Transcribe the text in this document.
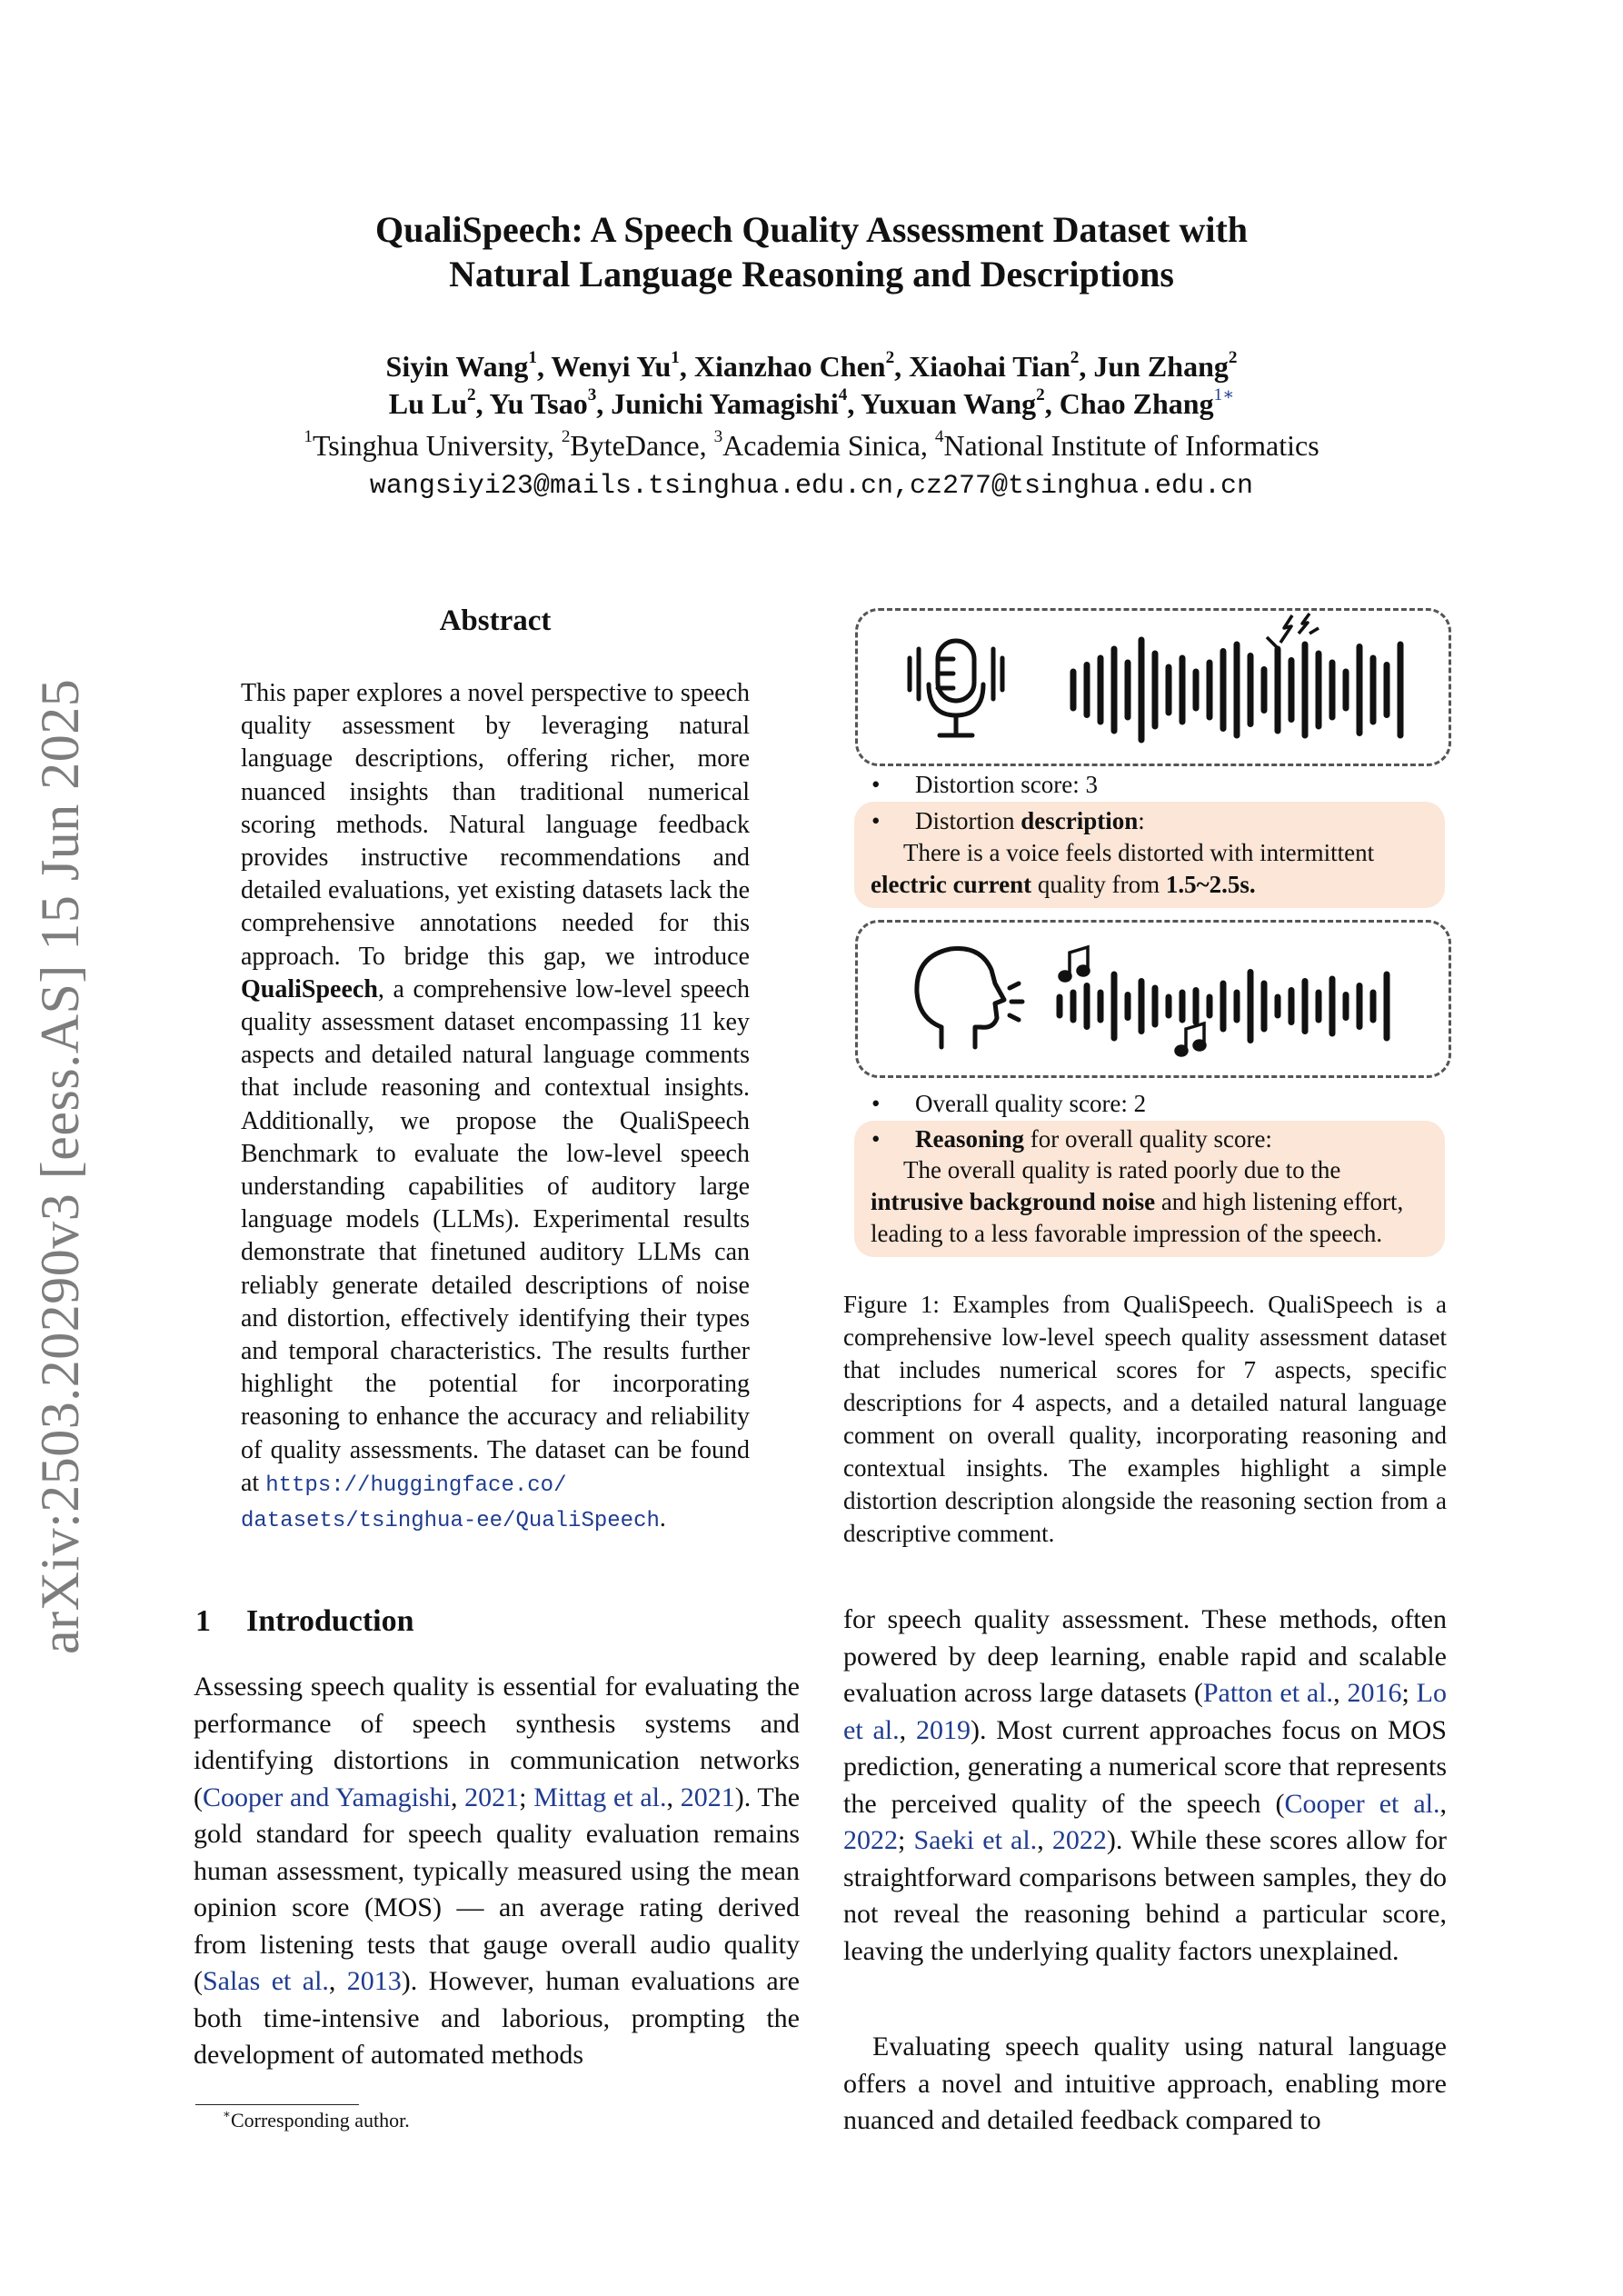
arXiv:2503.20290v3 [eess.AS] 15 Jun 2025
QualiSpeech: A Speech Quality Assessment Dataset with
Natural Language Reasoning and Descriptions
Siyin Wang$^1$, Wenyi Yu$^1$, Xianzhao Chen$^2$, Xiaohai Tian$^2$, Jun Zhang$^2$
Lu Lu$^2$, Yu Tsao$^3$, Junichi Yamagishi$^4$, Yuxuan Wang$^2$, Chao Zhang$^{1∗}$
$^1$Tsinghua University, $^2$ByteDance, $^3$Academia Sinica, $^4$National Institute of Informatics
wangsiyi23@mails.tsinghua.edu.cn,cz277@tsinghua.edu.cn
Abstract
This paper explores a novel perspective to speech quality assessment by leveraging natural language descriptions, offering richer, more nuanced insights than traditional numerical scoring methods. Natural language feedback provides instructive recommendations and detailed evaluations, yet existing datasets lack the comprehensive annotations needed for this approach. To bridge this gap, we introduce QualiSpeech, a comprehensive low-level speech quality assessment dataset encompassing 11 key aspects and detailed natural language comments that include reasoning and contextual insights. Additionally, we propose the QualiSpeech Benchmark to evaluate the low-level speech understanding capabilities of auditory large language models (LLMs). Experimental results demonstrate that finetuned auditory LLMs can reliably generate detailed descriptions of noise and distortion, effectively identifying their types and temporal characteristics. The results further highlight the potential for incorporating reasoning to enhance the accuracy and reliability of quality assessments. The dataset can be found at https://huggingface.co/
datasets/tsinghua-ee/QualiSpeech.
• Distortion score: 3
• Distortion description:
There is a voice feels distorted with intermittent
electric current quality from 1.5~2.5s.
• Overall quality score: 2
• Reasoning for overall quality score:
The overall quality is rated poorly due to the
intrusive background noise and high listening effort,
leading to a less favorable impression of the speech.
Figure 1: Examples from QualiSpeech. QualiSpeech is a comprehensive low-level speech quality assessment dataset that includes numerical scores for 7 aspects, specific descriptions for 4 aspects, and a detailed natural language comment on overall quality, incorporating reasoning and contextual insights. The examples highlight a simple distortion description alongside the reasoning section from a descriptive comment.
1 Introduction
Assessing speech quality is essential for evaluating the performance of speech synthesis systems and identifying distortions in communication networks (Cooper and Yamagishi, 2021; Mittag et al., 2021). The gold standard for speech quality evaluation remains human assessment, typically measured using the mean opinion score (MOS) — an average rating derived from listening tests that gauge overall audio quality (Salas et al., 2013). However, human evaluations are both time-intensive and laborious, prompting the development of automated methods
∗Corresponding author.
for speech quality assessment. These methods, often powered by deep learning, enable rapid and scalable evaluation across large datasets (Patton et al., 2016; Lo et al., 2019). Most current approaches focus on MOS prediction, generating a numerical score that represents the perceived quality of the speech (Cooper et al., 2022; Saeki et al., 2022). While these scores allow for straightforward comparisons between samples, they do not reveal the reasoning behind a particular score, leaving the underlying quality factors unexplained.
Evaluating speech quality using natural language offers a novel and intuitive approach, enabling more nuanced and detailed feedback compared to
